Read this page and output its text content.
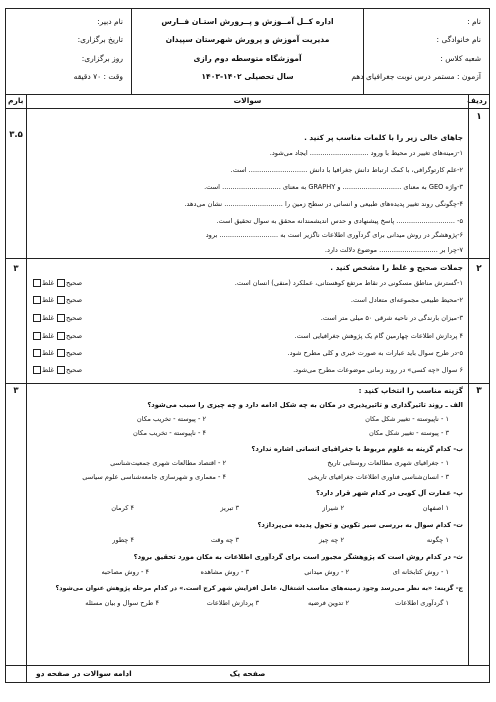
نام :
نام خانوادگی :
شعبه کلاس :
آزمون : مستمر درس نوبت جغرافیای دهم
اداره کــل آمــوزش و پــرورش استـان فــارس
مدیریت آموزش و پرورش شهرستان سپیدان
آموزشگاه متوسطه دوم رازی
سال تحصیلی ۱۴۰۲-۱۴۰۳
نام دبیر:
تاریخ برگزاری:
روز برگزاری:
وقت : ۷۰ دقیقه
ردیف
سوالات
بارم
۱
۳.۵	جاهای خالی زیر را با کلمات مناسب پر کنید .
۱-زمینه‌های تغییر در محیط با ورود ............................ ایجاد می‌شود.
۲-علم کارتوگرافی، با کمک ارتباط دانش جغرافیا با دانش ............................ است.
۳-واژه GEO به معنای ............................ و GRAPHY به معنای ............................ است.
۴-چگونگی روند تغییر پدیده‌های طبیعی و انسانی در سطح زمین را ............................ نشان می‌دهد.
۵- ............................ پاسخ پیشنهادی و حدس اندیشمندانه محقق به سوال تحقیق است.
۶-پژوهشگر در روش میدانی برای گردآوری اطلاعات ناگزیر است به ............................ برود
۷-چرا بر ............................ موضوع دلالت دارد.
۲
۳	جملات صحیح و غلط را مشخص کنید .
۱-گسترش مناطق مسکونی در نقاط مرتفع کوهستانی، عملکرد (منفی) انسان است.
صحیح غلط
۲-محیط طبیعی مجموعه‌ای متعادل است.
صحیح غلط
۳-میزان بارندگی در ناحیه شرقی ۵۰ میلی متر است.
صحیح غلط
۴ پردازش اطلاعات چهارمین گام یک پژوهش جغرافیایی است.
صحیح غلط
۵-در طرح سوال باید عبارات به صورت خبری و کلی مطرح شود.
صحیح غلط
۶ سوال «چه کسی» در روند زمانی موضوعات مطرح می‌شود.
صحیح غلط
۳
۳	گزینه مناسب را انتخاب کنید :
الف ـ روند تاثیرگذاری و تاثیرپذیری در مکان به چه شکل ادامه دارد و چه چیزی را سبب می‌شود؟
۱ - ناپیوسته - تغییر شکل مکان
۲ - پیوسته - تخریب مکان
۳ - پیوسته - تغییر شکل مکان
۴ - ناپیوسته - تخریب مکان
ب- کدام گزینه به علوم مربوط با جغرافیای انسانی اشاره ندارد؟
۱ - جغرافیای شهری مطالعات روستایی تاریخ
۲ - اقتصاد مطالعات شهری جمعیت‌شناسی
۳ - انسان‌شناسی فناوری اطلاعات جغرافیای تاریخی
۴ - معماری و شهرسازی جامعه‌شناسی علوم سیاسی
پ- عمارت آل کوبی در کدام شهر قرار دارد؟
۱ اصفهان
۲ شیراز
۳ تبریز
۴ کرمان
ت- کدام سوال به بررسی سیر تکوین و تحول پدیده می‌پردازد؟
۱ چگونه
۲ چه چیز
۳ چه وقت
۴ چطور
ث- در کدام روش است که پژوهشگر مجبور است برای گردآوری اطلاعات به مکان مورد تحقیق برود؟
۱ - روش کتابخانه ای
۲ - روش میدانی
۳ - روش مشاهده
۴ - روش مصاحبه
ج- گزینه: «به نظر می‌رسد وجود زمینه‌های مناسب اشتغال، عامل افزایش شهر کرج است.» در کدام مرحله پژوهش عنوان می‌شود؟
۱ گردآوری اطلاعات
۲ تدوین فرضیه
۳ پردازش اطلاعات
۴ طرح سوال و بیان مسئله
صفحه یک
ادامه سوالات در صفحه دو
